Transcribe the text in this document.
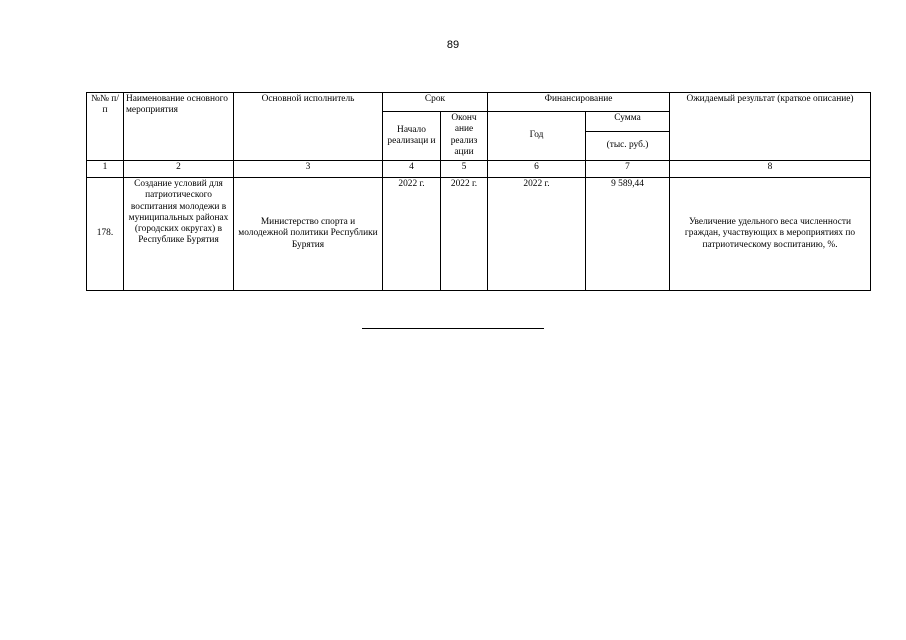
89
№№ п/п	Наименование основного мероприятия	Основной исполнитель	Срок		Финансирование		Ожидаемый результат (краткое описание)
			Начало реализаци и	Оконч ание реализ ации	Год	Сумма	
						(тыс. руб.)	
1	2	3	4	5	6	7	8
178.	Создание условий для патриотического воспитания молодежи в муниципальных районах (городских округах) в Республике Бурятия	Министерство спорта и молодежной политики Республики Бурятия	2022 г.	2022 г.	2022 г.	9 589,44	Увеличение удельного веса численности граждан, участвующих в мероприятиях по патриотическому воспитанию, %.
